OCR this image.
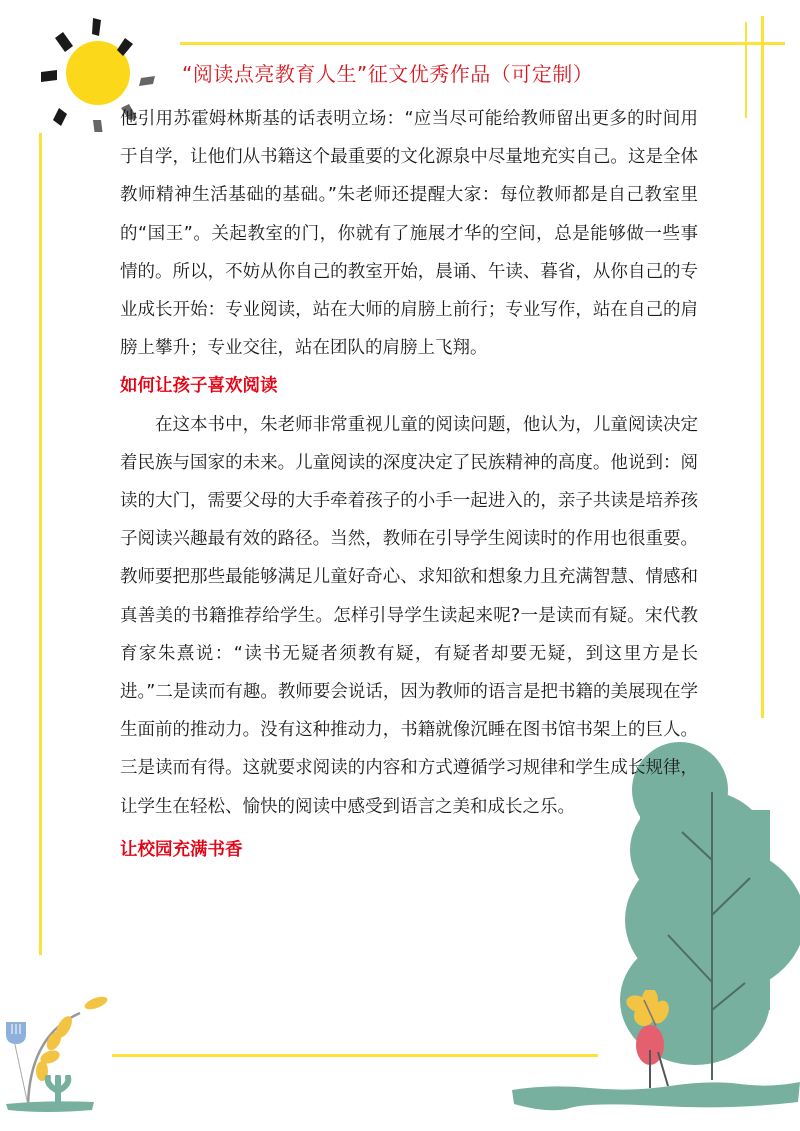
“阅读点亮教育人生”征文优秀作品（可定制）

他引用苏霍姆林斯基的话表明立场：“应当尽可能给教师留出更多的时间用于自学，让他们从书籍这个最重要的文化源泉中尽量地充实自己。这是全体教师精神生活基础的基础。”朱老师还提醒大家：每位教师都是自己教室里的“国王”。关起教室的门，你就有了施展才华的空间，总是能够做一些事情的。所以，不妨从你自己的教室开始，晨诵、午读、暮省，从你自己的专业成长开始：专业阅读，站在大师的肩膀上前行；专业写作，站在自己的肩膀上攀升；专业交往，站在团队的肩膀上飞翔。

如何让孩子喜欢阅读

在这本书中，朱老师非常重视儿童的阅读问题，他认为，儿童阅读决定着民族与国家的未来。儿童阅读的深度决定了民族精神的高度。他说到：阅读的大门，需要父母的大手牵着孩子的小手一起进入的，亲子共读是培养孩子阅读兴趣最有效的路径。当然，教师在引导学生阅读时的作用也很重要。教师要把那些最能够满足儿童好奇心、求知欲和想象力且充满智慧、情感和真善美的书籍推荐给学生。怎样引导学生读起来呢?一是读而有疑。宋代教育家朱熹说：“读书无疑者须教有疑，有疑者却要无疑，到这里方是长进。”二是读而有趣。教师要会说话，因为教师的语言是把书籍的美展现在学生面前的推动力。没有这种推动力，书籍就像沉睡在图书馆书架上的巨人。三是读而有得。这就要求阅读的内容和方式遵循学习规律和学生成长规律，让学生在轻松、愉快的阅读中感受到语言之美和成长之乐。

让校园充满书香
